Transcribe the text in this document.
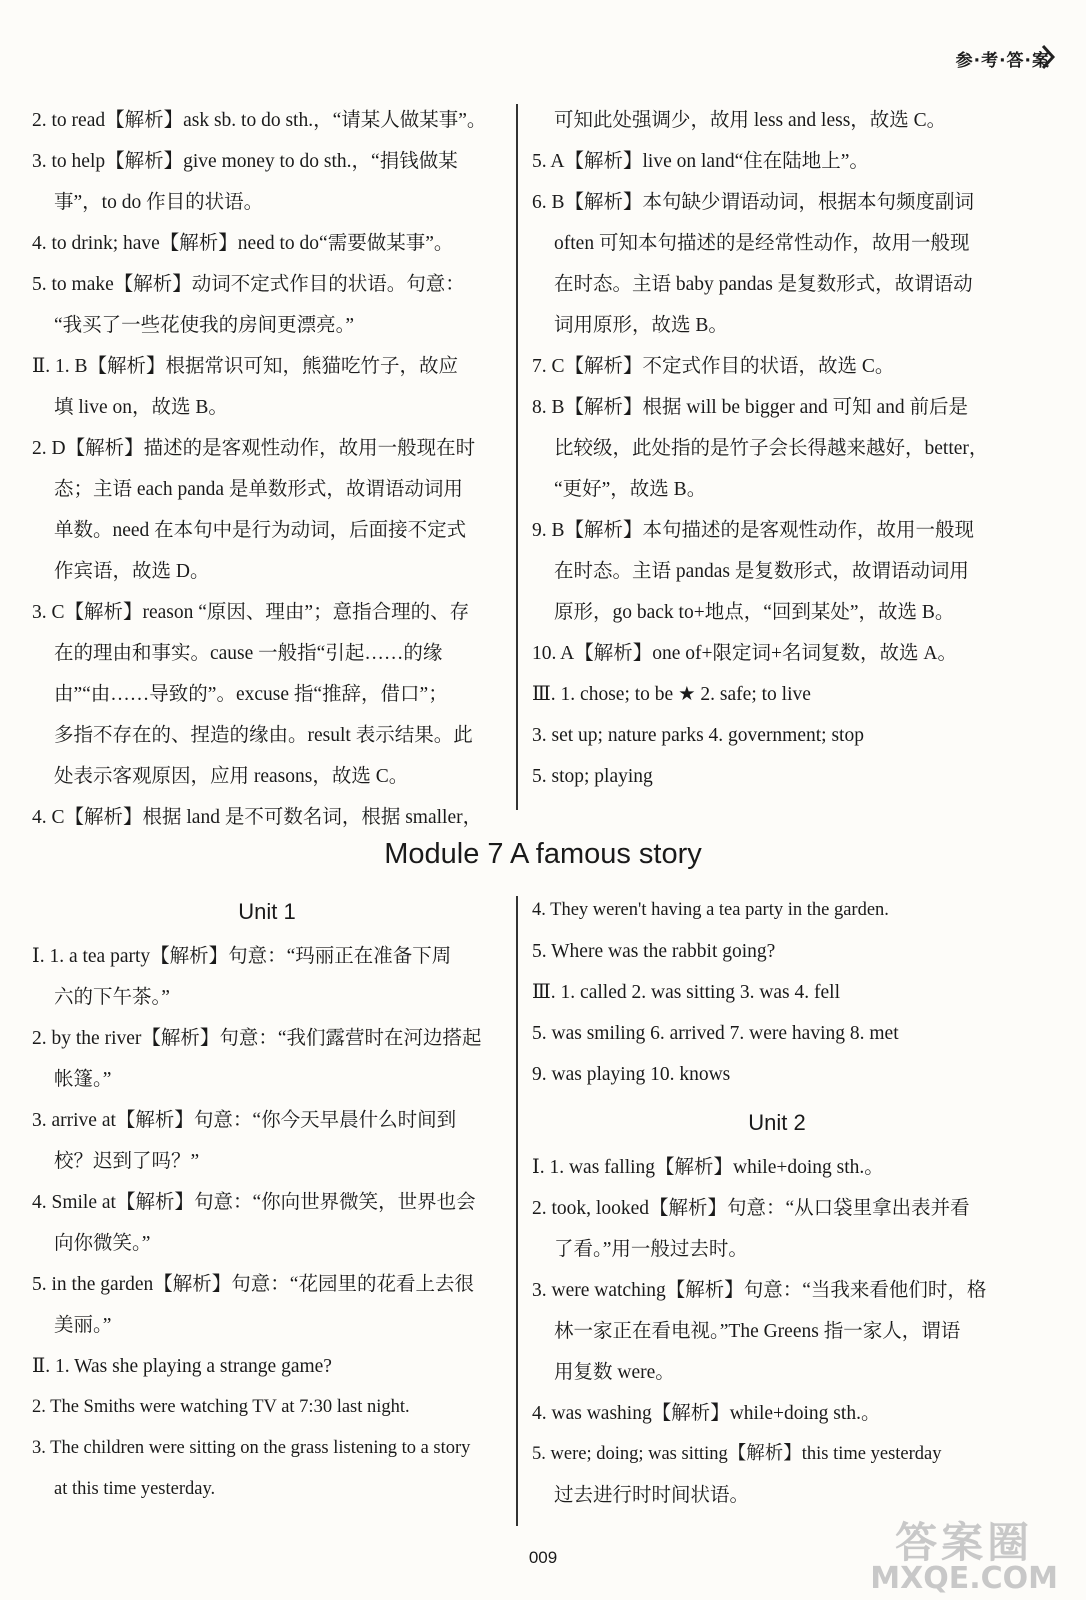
参·考·答·案

2. to read【解析】ask sb. to do sth.，“请某人做某事”。

3. to help【解析】give money to do sth.，“捐钱做某

事”，to do 作目的状语。

4. to drink; have【解析】need to do“需要做某事”。

5. to make【解析】动词不定式作目的状语。句意：

“我买了一些花使我的房间更漂亮。”

Ⅱ. 1. B【解析】根据常识可知，熊猫吃竹子，故应

填 live on，故选 B。

2. D【解析】描述的是客观性动作，故用一般现在时

态；主语 each panda 是单数形式，故谓语动词用

单数。need 在本句中是行为动词，后面接不定式

作宾语，故选 D。

3. C【解析】reason “原因、理由”；意指合理的、存

在的理由和事实。cause 一般指“引起……的缘

由”“由……导致的”。excuse 指“推辞，借口”；

多指不存在的、捏造的缘由。result 表示结果。此

处表示客观原因，应用 reasons，故选 C。

4. C【解析】根据 land 是不可数名词，根据 smaller，

可知此处强调少，故用 less and less，故选 C。

5. A【解析】live on land“住在陆地上”。

6. B【解析】本句缺少谓语动词，根据本句频度副词

often 可知本句描述的是经常性动作，故用一般现

在时态。主语 baby pandas 是复数形式，故谓语动

词用原形，故选 B。

7. C【解析】不定式作目的状语，故选 C。

8. B【解析】根据 will be bigger and 可知 and 前后是

比较级，此处指的是竹子会长得越来越好，better，

“更好”，故选 B。

9. B【解析】本句描述的是客观性动作，故用一般现

在时态。主语 pandas 是复数形式，故谓语动词用

原形，go back to+地点，“回到某处”，故选 B。

10. A【解析】one of+限定词+名词复数，故选 A。

Ⅲ. 1. chose; to be ★ 2. safe; to live

3. set up; nature parks 4. government; stop

5. stop; playing

Module 7 A famous story
Unit 1

Ⅰ. 1. a tea party【解析】句意：“玛丽正在准备下周

六的下午茶。”

2. by the river【解析】句意：“我们露营时在河边搭起

帐篷。”

3. arrive at【解析】句意：“你今天早晨什么时间到

校？迟到了吗？”

4. Smile at【解析】句意：“你向世界微笑，世界也会

向你微笑。”

5. in the garden【解析】句意：“花园里的花看上去很

美丽。”

Ⅱ. 1. Was she playing a strange game?

2. The Smiths were watching TV at 7:30 last night.

3. The children were sitting on the grass listening to a story

at this time yesterday.

4. They weren't having a tea party in the garden.

5. Where was the rabbit going?

Ⅲ. 1. called 2. was sitting 3. was 4. fell

5. was smiling 6. arrived 7. were having 8. met

9. was playing 10. knows

Unit 2

Ⅰ. 1. was falling【解析】while+doing sth.。

2. took, looked【解析】句意：“从口袋里拿出表并看

了看。”用一般过去时。

3. were watching【解析】句意：“当我来看他们时，格

林一家正在看电视。”The Greens 指一家人，谓语

用复数 were。

4. was washing【解析】while+doing sth.。

5. were; doing; was sitting【解析】this time yesterday

过去进行时时间状语。

009	答案圈
MXQE.COM
